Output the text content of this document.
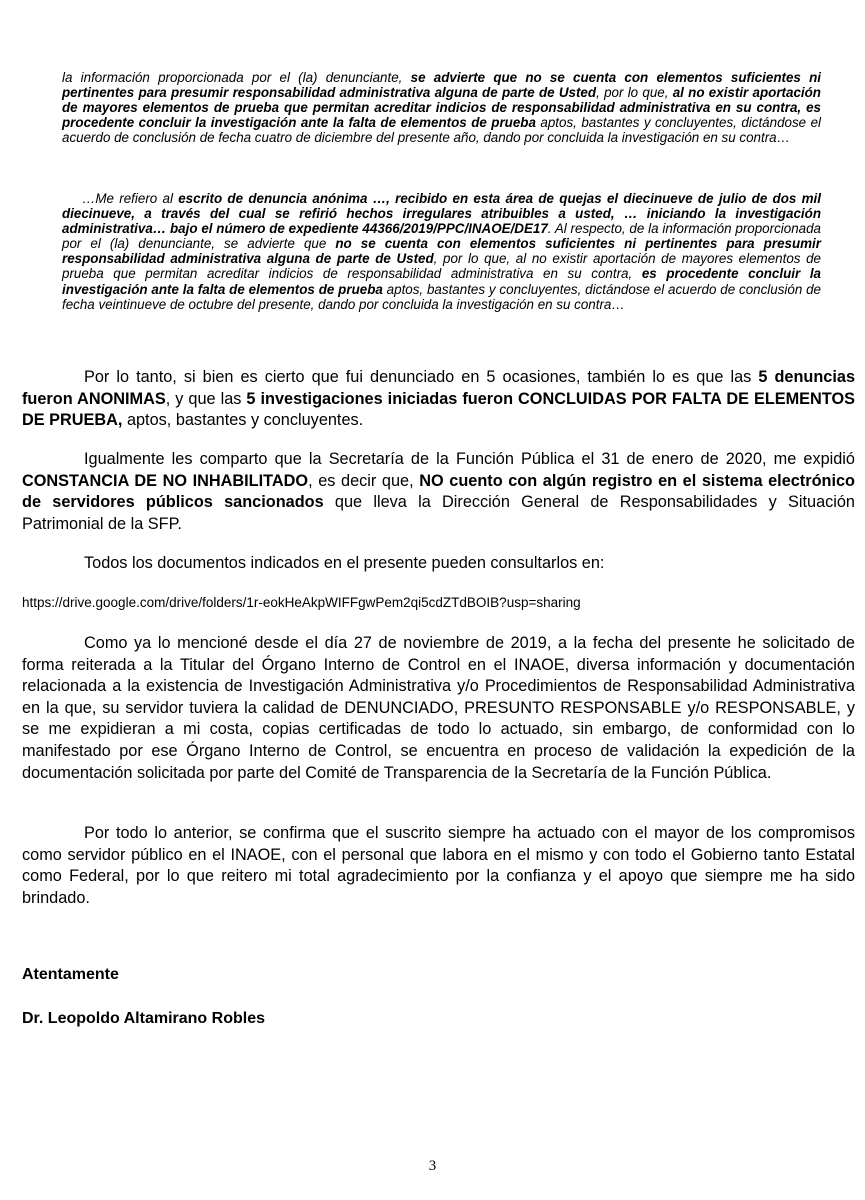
la información proporcionada por el (la) denunciante, se advierte que no se cuenta con elementos suficientes ni pertinentes para presumir responsabilidad administrativa alguna de parte de Usted, por lo que, al no existir aportación de mayores elementos de prueba que permitan acreditar indicios de responsabilidad administrativa en su contra, es procedente concluir la investigación ante la falta de elementos de prueba aptos, bastantes y concluyentes, dictándose el acuerdo de conclusión de fecha cuatro de diciembre del presente año, dando por concluida la investigación en su contra…

…Me refiero al escrito de denuncia anónima …, recibido en esta área de quejas el diecinueve de julio de dos mil diecinueve, a través del cual se refirió hechos irregulares atribuibles a usted, … iniciando la investigación administrativa… bajo el número de expediente 44366/2019/PPC/INAOE/DE17. Al respecto, de la información proporcionada por el (la) denunciante, se advierte que no se cuenta con elementos suficientes ni pertinentes para presumir responsabilidad administrativa alguna de parte de Usted, por lo que, al no existir aportación de mayores elementos de prueba que permitan acreditar indicios de responsabilidad administrativa en su contra, es procedente concluir la investigación ante la falta de elementos de prueba aptos, bastantes y concluyentes, dictándose el acuerdo de conclusión de fecha veintinueve de octubre del presente, dando por concluida la investigación en su contra…

Por lo tanto, si bien es cierto que fui denunciado en 5 ocasiones, también lo es que las 5 denuncias fueron ANONIMAS, y que las 5 investigaciones iniciadas fueron CONCLUIDAS POR FALTA DE ELEMENTOS DE PRUEBA, aptos, bastantes y concluyentes.

Igualmente les comparto que la Secretaría de la Función Pública el 31 de enero de 2020, me expidió CONSTANCIA DE NO INHABILITADO, es decir que, NO cuento con algún registro en el sistema electrónico de servidores públicos sancionados que lleva la Dirección General de Responsabilidades y Situación Patrimonial de la SFP.

Todos los documentos indicados en el presente pueden consultarlos en:

https://drive.google.com/drive/folders/1r-eokHeAkpWIFFgwPem2qi5cdZTdBOIB?usp=sharing

Como ya lo mencioné desde el día 27 de noviembre de 2019, a la fecha del presente he solicitado de forma reiterada a la Titular del Órgano Interno de Control en el INAOE, diversa información y documentación relacionada a la existencia de Investigación Administrativa y/o Procedimientos de Responsabilidad Administrativa en la que, su servidor tuviera la calidad de DENUNCIADO, PRESUNTO RESPONSABLE y/o RESPONSABLE, y se me expidieran a mi costa, copias certificadas de todo lo actuado, sin embargo, de conformidad con lo manifestado por ese Órgano Interno de Control, se encuentra en proceso de validación la expedición de la documentación solicitada por parte del Comité de Transparencia de la Secretaría de la Función Pública.

Por todo lo anterior, se confirma que el suscrito siempre ha actuado con el mayor de los compromisos como servidor público en el INAOE, con el personal que labora en el mismo y con todo el Gobierno tanto Estatal como Federal, por lo que reitero mi total agradecimiento por la confianza y el apoyo que siempre me ha sido brindado.

Atentamente

Dr. Leopoldo Altamirano Robles

3
